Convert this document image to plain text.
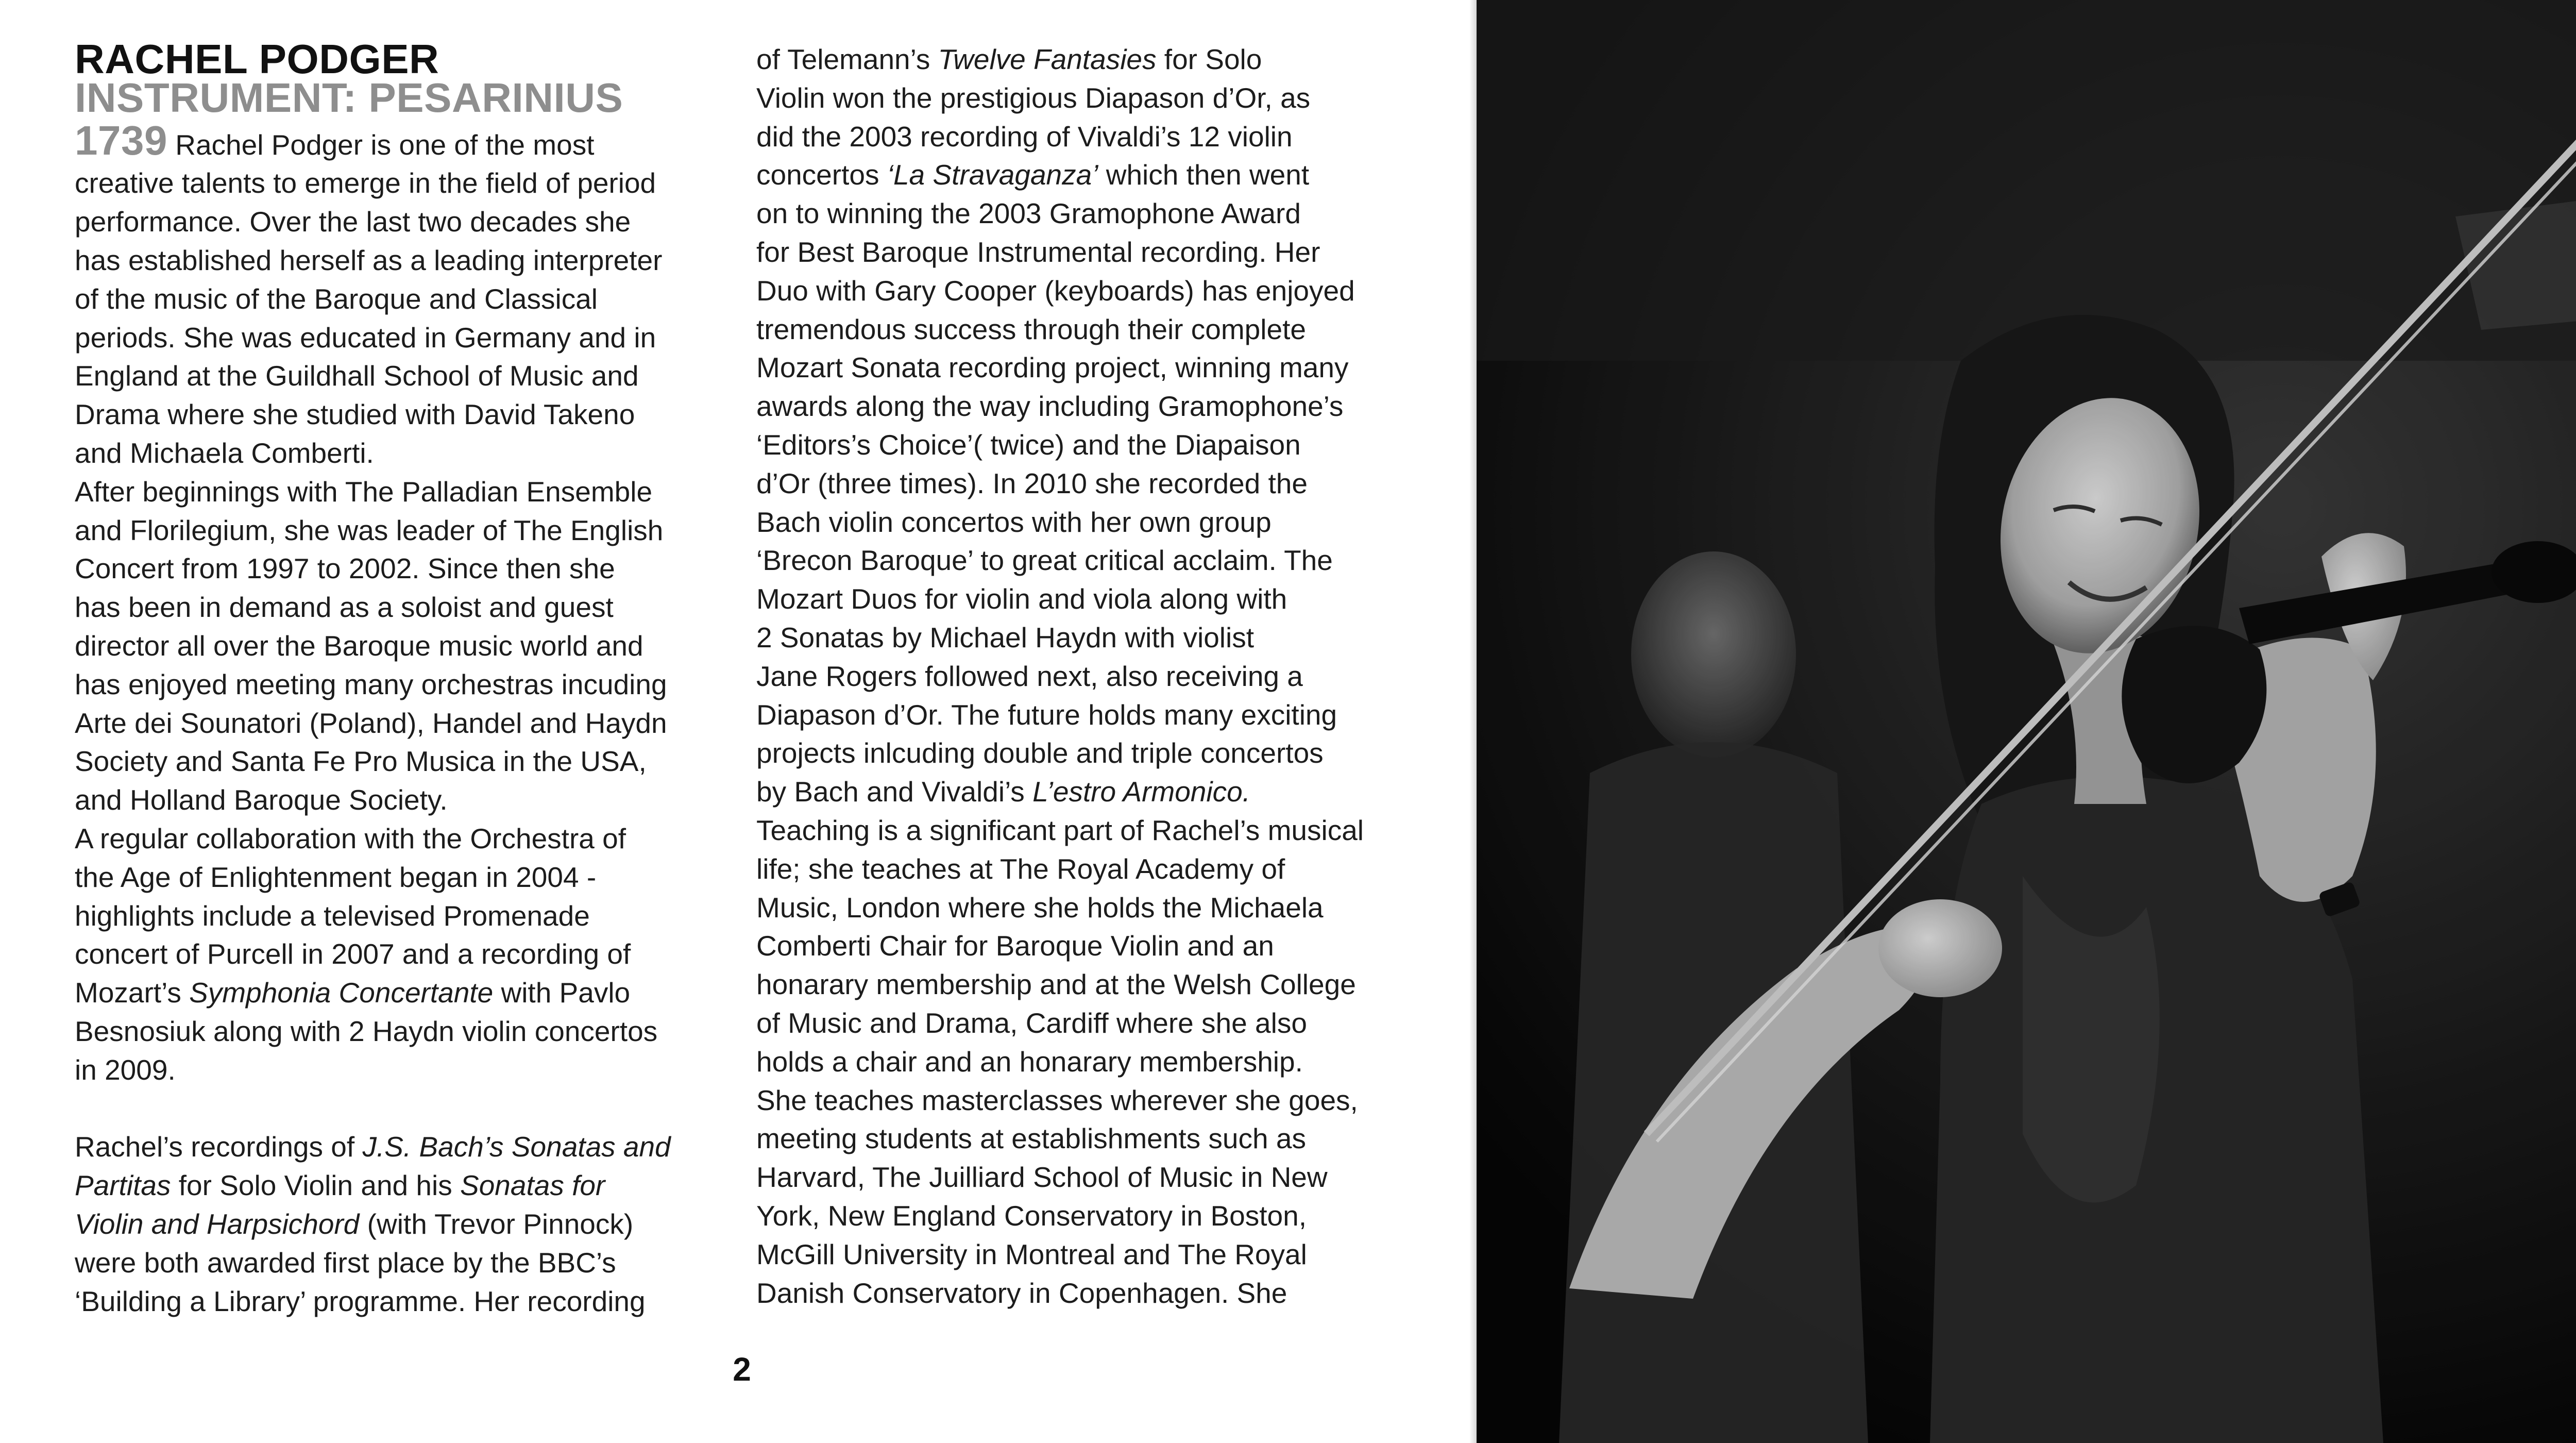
RACHEL PODGER
INSTRUMENT: PESARINIUS
1739 Rachel Podger is one of the most
creative talents to emerge in the field of period
performance. Over the last two decades she
has established herself as a leading interpreter
of the music of the Baroque and Classical
periods. She was educated in Germany and in
England at the Guildhall School of Music and
Drama where she studied with David Takeno
and Michaela Comberti.
After beginnings with The Palladian Ensemble
and Florilegium, she was leader of The English
Concert from 1997 to 2002. Since then she
has been in demand as a soloist and guest
director all over the Baroque music world and
has enjoyed meeting many orchestras incuding
Arte dei Sounatori (Poland), Handel and Haydn
Society and Santa Fe Pro Musica in the USA,
and Holland Baroque Society.
A regular collaboration with the Orchestra of
the Age of Enlightenment began in 2004 -
highlights include a televised Promenade
concert of Purcell in 2007 and a recording of
Mozart’s Symphonia Concertante with Pavlo
Besnosiuk along with 2 Haydn violin concertos
in 2009.
Rachel’s recordings of J.S. Bach’s Sonatas and
Partitas for Solo Violin and his Sonatas for
Violin and Harpsichord (with Trevor Pinnock)
were both awarded first place by the BBC’s
‘Building a Library’ programme. Her recording
of Telemann’s Twelve Fantasies for Solo
Violin won the prestigious Diapason d’Or, as
did the 2003 recording of Vivaldi’s 12 violin
concertos ‘La Stravaganza’ which then went
on to winning the 2003 Gramophone Award
for Best Baroque Instrumental recording. Her
Duo with Gary Cooper (keyboards) has enjoyed
tremendous success through their complete
Mozart Sonata recording project, winning many
awards along the way including Gramophone’s
‘Editors’s Choice’( twice) and the Diapaison
d’Or (three times). In 2010 she recorded the
Bach violin concertos with her own group
‘Brecon Baroque’ to great critical acclaim. The
Mozart Duos for violin and viola along with
2 Sonatas by Michael Haydn with violist
Jane Rogers followed next, also receiving a
Diapason d’Or. The future holds many exciting
projects inlcuding double and triple concertos
by Bach and Vivaldi’s L’estro Armonico.
Teaching is a significant part of Rachel’s musical
life; she teaches at The Royal Academy of
Music, London where she holds the Michaela
Comberti Chair for Baroque Violin and an
honarary membership and at the Welsh College
of Music and Drama, Cardiff where she also
holds a chair and an honarary membership.
She teaches masterclasses wherever she goes,
meeting students at establishments such as
Harvard, The Juilliard School of Music in New
York, New England Conservatory in Boston,
McGill University in Montreal and The Royal
Danish Conservatory in Copenhagen. She
2
